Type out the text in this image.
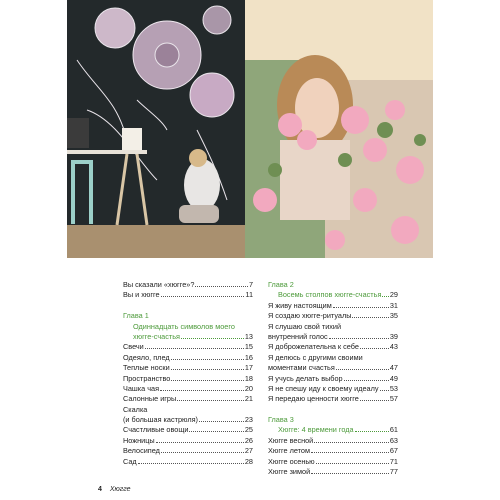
Вы сказали «хюгге»?	7
Вы и хюгге	11
Глава 1
Одиннадцать символов моего
хюгге-счастья	13
Свечи	15
Одеяло, плед	16
Теплые носки	17
Пространство	18
Чашка чая	20
Салонные игры	21
Скалка
(и большая кастрюля)	23
Счастливые овощи	25
Ножницы	26
Велосипед	27
Сад	28
Глава 2
Восемь столпов хюгге-счастья 29
Я живу настоящим	31
Я создаю хюгге-ритуалы	35
Я слушаю свой тихий
внутренний голос	39
Я доброжелательна к себе	43
Я делюсь с другими своими
моментами счастья	47
Я учусь делать выбор	49
Я не спешу иду к своему идеалу 53
Я передаю ценности хюгге	57
Глава 3
Хюгге: 4 времени года	61
Хюгге весной	63
Хюгге летом	67
Хюгге осенью	71
Хюгге зимой	77
4 Хюгге
